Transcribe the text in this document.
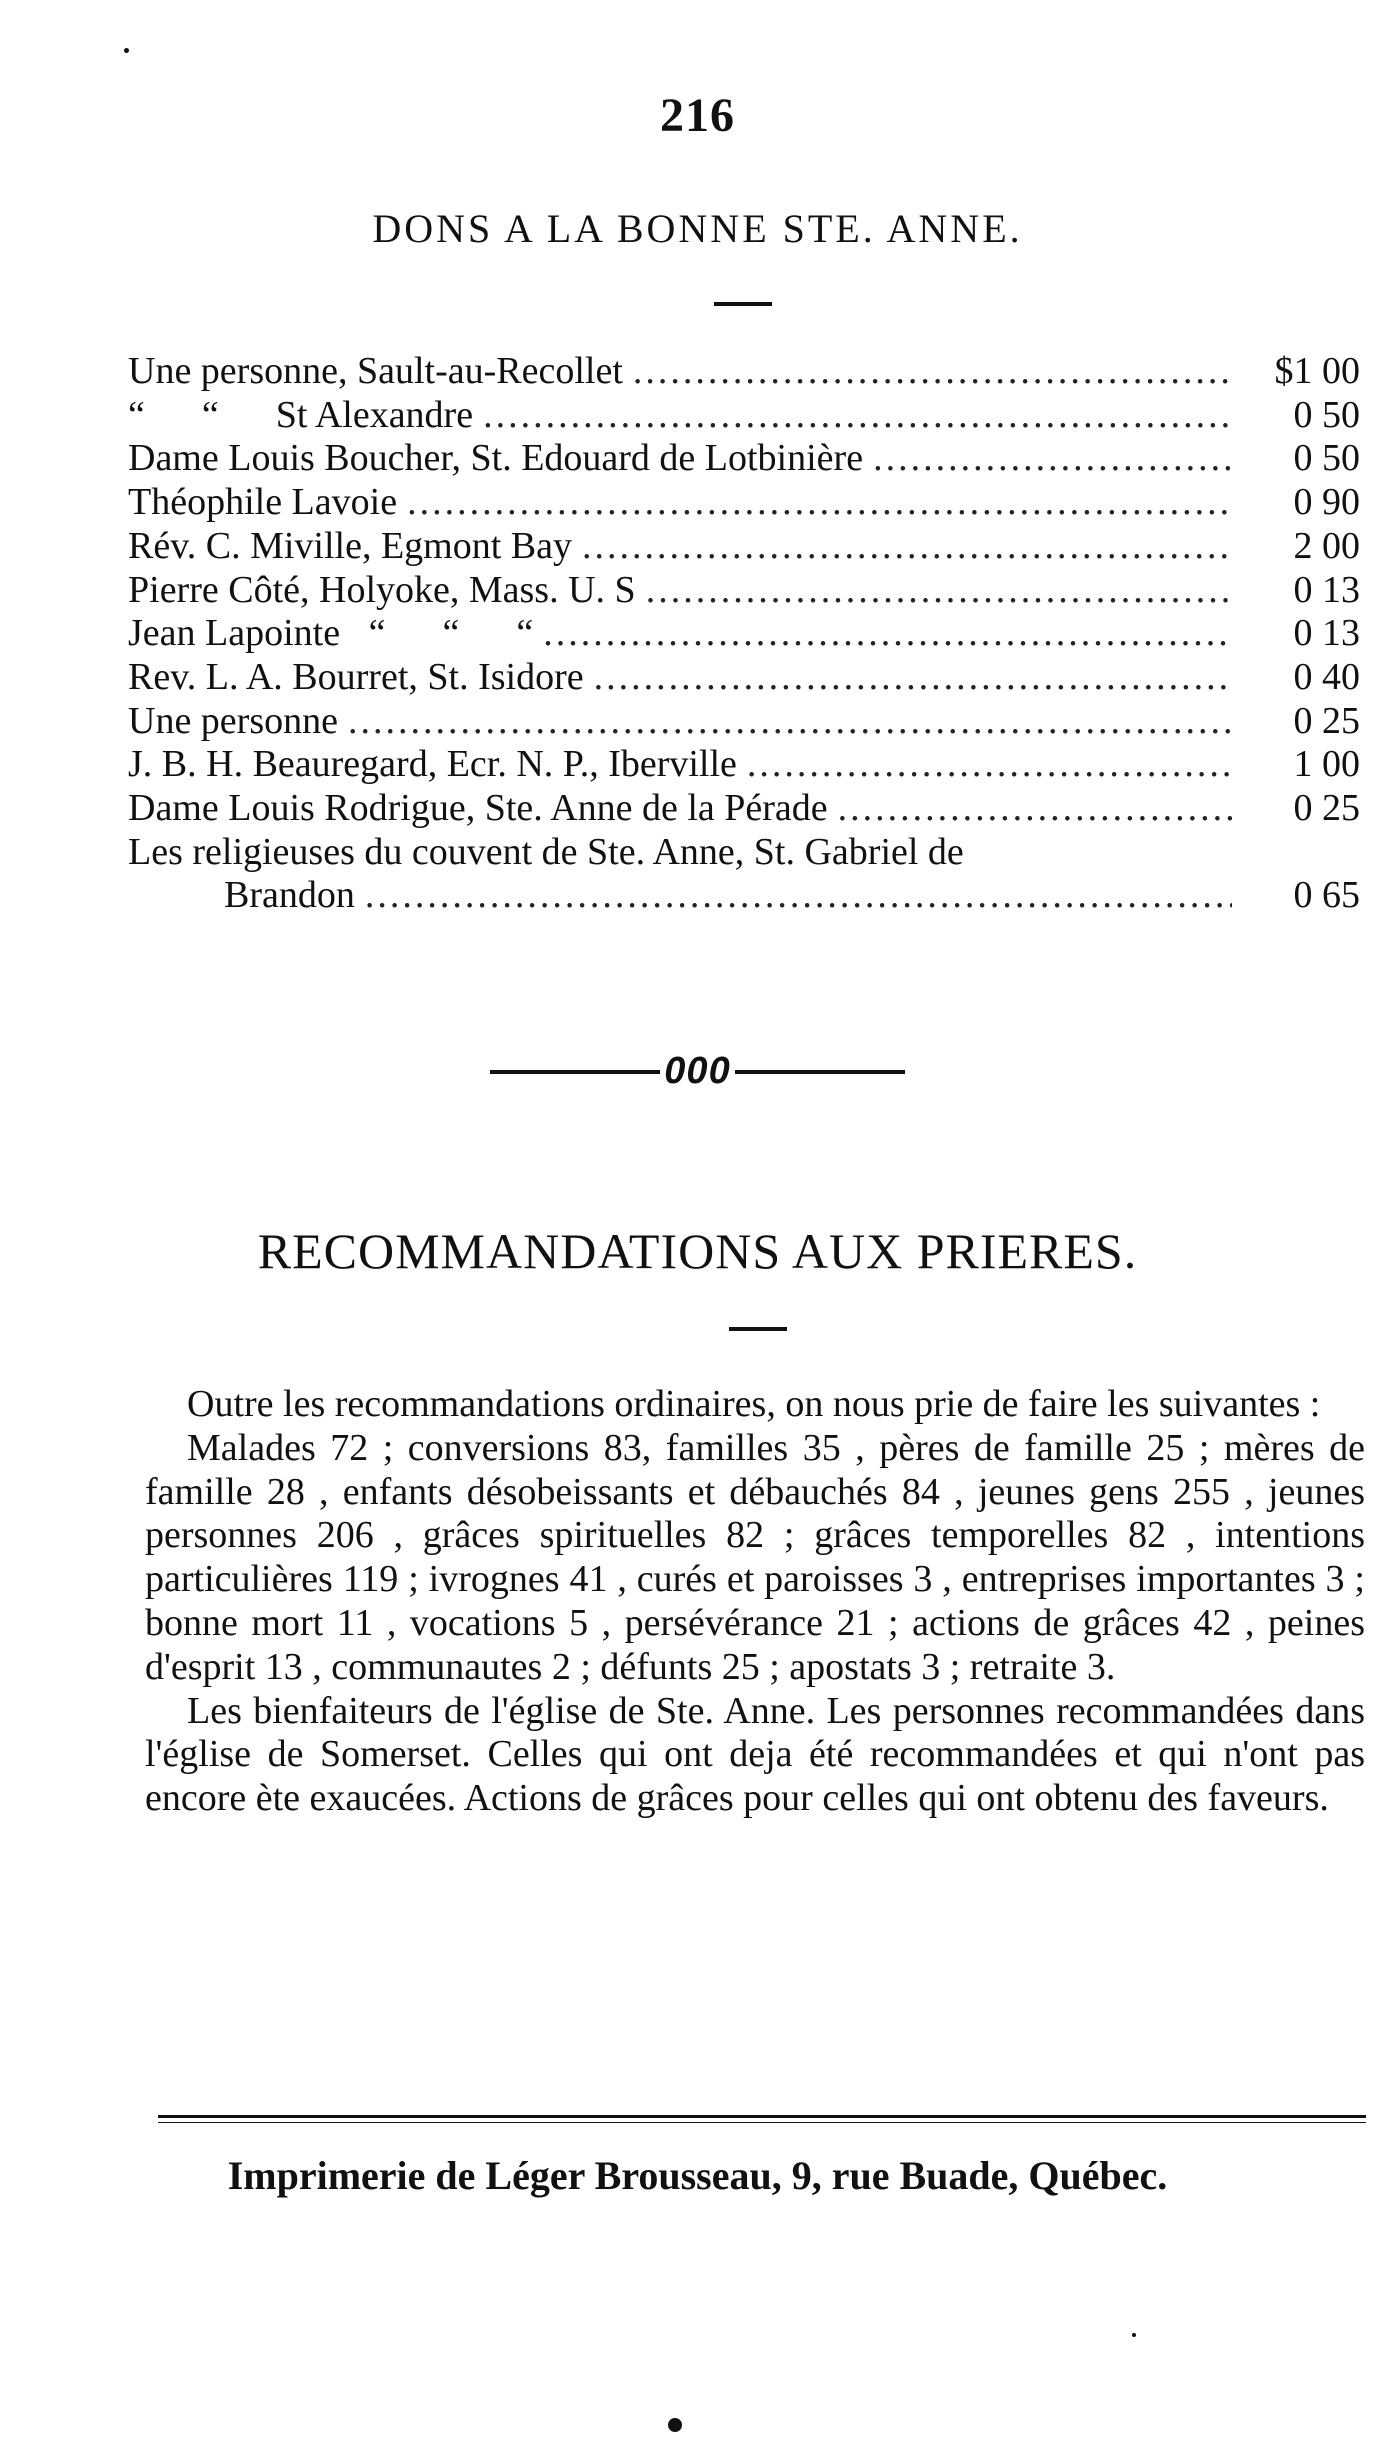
216
DONS A LA BONNE STE. ANNE.
Une personne, Sault-au-Recollet .....	$1 00
“      “      St Alexandre .....	0 50
Dame Louis Boucher, St. Edouard de Lotbinière .....	0 50
Théophile Lavoie .....	0 90
Rév. C. Miville, Egmont Bay .....	2 00
Pierre Côté, Holyoke, Mass. U. S .....	0 13
Jean Lapointe   “      “      “ .....	0 13
Rev. L. A. Bourret, St. Isidore .....	0 40
Une personne .....	0 25
J. B. H. Beauregard, Ecr. N. P., Iberville .....	1 00
Dame Louis Rodrigue, Ste. Anne de la Pérade .....	0 25
Les religieuses du couvent de Ste. Anne, St. Gabriel de
Brandon .....	0 65
000
RECOMMANDATIONS AUX PRIERES.

Outre les recommandations ordinaires, on nous prie de faire les suivantes :

Malades 72 ; conversions 83, familles 35 , pères de famille 25 ; mères de famille 28 , enfants désobeissants et débauchés 84 , jeunes gens 255 , jeunes personnes 206 , grâces spirituelles 82 ; grâces temporelles 82 , intentions particulières 119 ; ivrognes 41 , curés et paroisses 3 , entreprises importantes 3 ; bonne mort 11 , vocations 5 , persévérance 21 ; actions de grâces 42 , peines d'esprit 13 , communautes 2 ; défunts 25 ; apostats 3 ; retraite 3.

Les bienfaiteurs de l'église de Ste. Anne. Les personnes recommandées dans l'église de Somerset. Celles qui ont deja été recommandées et qui n'ont pas encore ète exaucées. Actions de grâces pour celles qui ont obtenu des faveurs.

Imprimerie de Léger Brousseau, 9, rue Buade, Québec.
